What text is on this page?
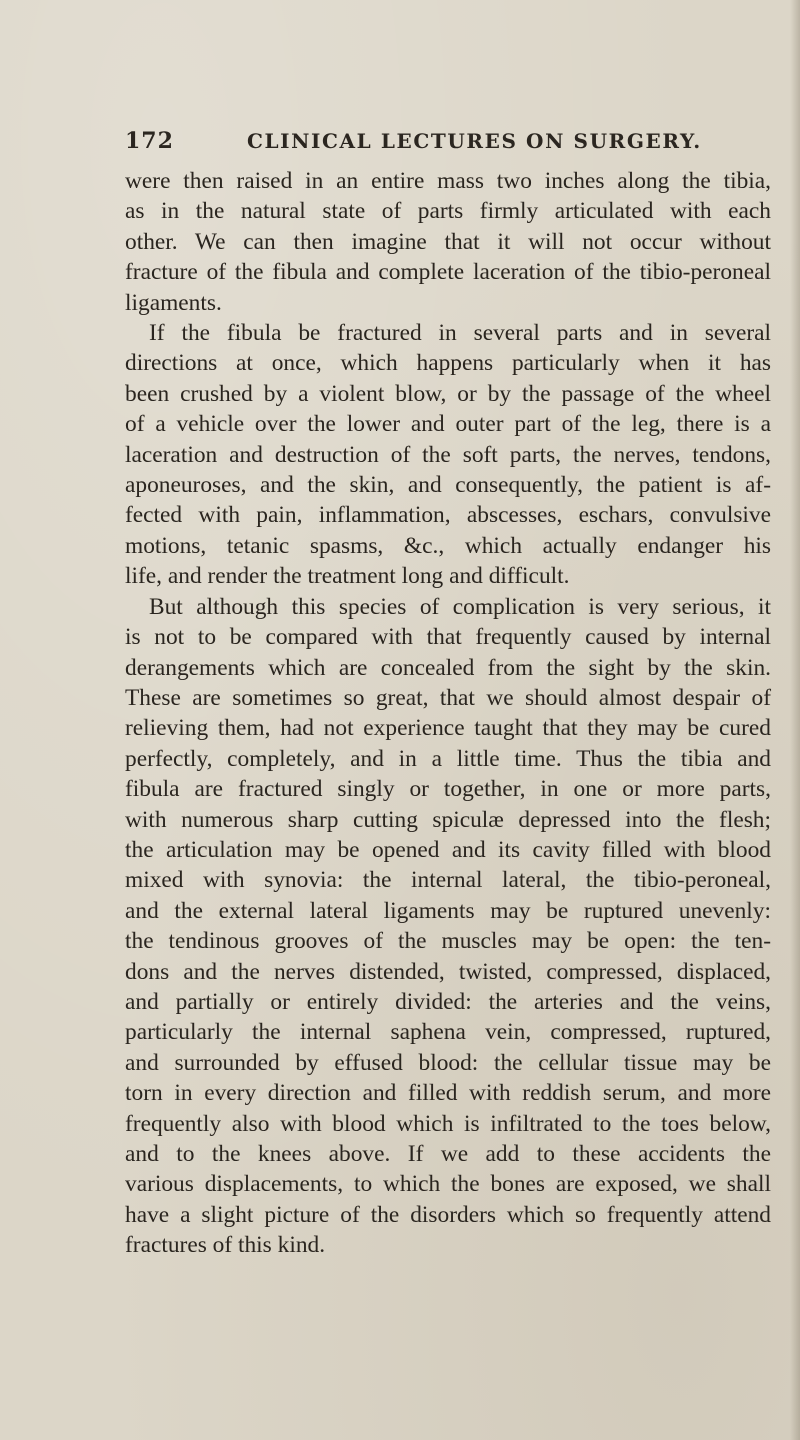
172	CLINICAL LECTURES ON SURGERY.

were then raised in an entire mass two inches along the tibia,
as in the natural state of parts firmly articulated with each
other. We can then imagine that it will not occur without
fracture of the fibula and complete laceration of the tibio-peroneal
ligaments.

If the fibula be fractured in several parts and in several
directions at once, which happens particularly when it has
been crushed by a violent blow, or by the passage of the wheel
of a vehicle over the lower and outer part of the leg, there is a
laceration and destruction of the soft parts, the nerves, tendons,
aponeuroses, and the skin, and consequently, the patient is af-
fected with pain, inflammation, abscesses, eschars, convulsive
motions, tetanic spasms, &c., which actually endanger his
life, and render the treatment long and difficult.

But although this species of complication is very serious, it
is not to be compared with that frequently caused by internal
derangements which are concealed from the sight by the skin.
These are sometimes so great, that we should almost despair of
relieving them, had not experience taught that they may be cured
perfectly, completely, and in a little time. Thus the tibia and
fibula are fractured singly or together, in one or more parts,
with numerous sharp cutting spiculæ depressed into the flesh;
the articulation may be opened and its cavity filled with blood
mixed with synovia: the internal lateral, the tibio-peroneal,
and the external lateral ligaments may be ruptured unevenly:
the tendinous grooves of the muscles may be open: the ten-
dons and the nerves distended, twisted, compressed, displaced,
and partially or entirely divided: the arteries and the veins,
particularly the internal saphena vein, compressed, ruptured,
and surrounded by effused blood: the cellular tissue may be
torn in every direction and filled with reddish serum, and more
frequently also with blood which is infiltrated to the toes below,
and to the knees above. If we add to these accidents the
various displacements, to which the bones are exposed, we shall
have a slight picture of the disorders which so frequently attend
fractures of this kind.
